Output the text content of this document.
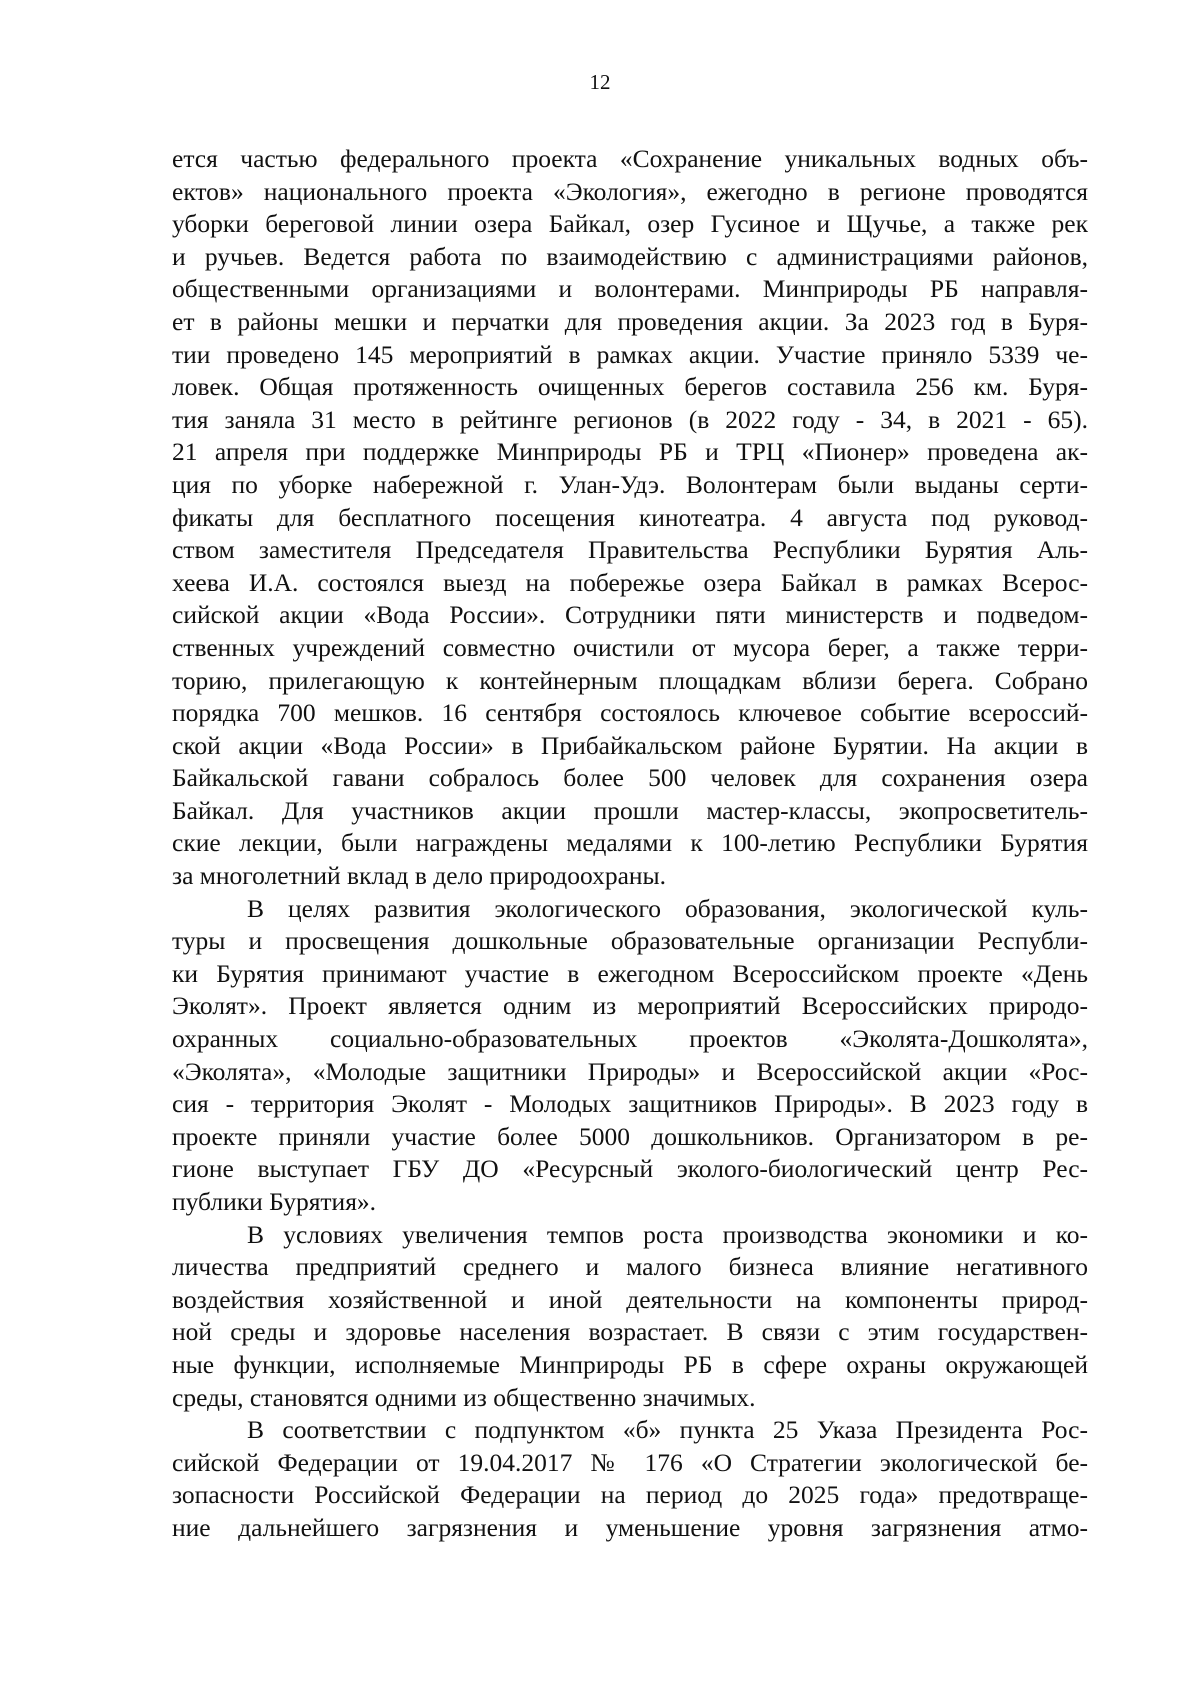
12
ется частью федерального проекта «Сохранение уникальных водных объ-
ектов» национального проекта «Экология», ежегодно в регионе проводятся
уборки береговой линии озера Байкал, озер Гусиное и Щучье, а также рек
и ручьев. Ведется работа по взаимодействию с администрациями районов,
общественными организациями и волонтерами. Минприроды РБ направля-
ет в районы мешки и перчатки для проведения акции. За 2023 год в Буря-
тии проведено 145 мероприятий в рамках акции. Участие приняло 5339 че-
ловек. Общая протяженность очищенных берегов составила 256 км. Буря-
тия заняла 31 место в рейтинге регионов (в 2022 году - 34, в 2021 - 65).
21 апреля при поддержке Минприроды РБ и ТРЦ «Пионер» проведена ак-
ция по уборке набережной г. Улан-Удэ. Волонтерам были выданы серти-
фикаты для бесплатного посещения кинотеатра. 4 августа под руковод-
ством заместителя Председателя Правительства Республики Бурятия Аль-
хеева И.А. состоялся выезд на побережье озера Байкал в рамках Всерос-
сийской акции «Вода России». Сотрудники пяти министерств и подведом-
ственных учреждений совместно очистили от мусора берег, а также терри-
торию, прилегающую к контейнерным площадкам вблизи берега. Собрано
порядка 700 мешков. 16 сентября состоялось ключевое событие всероссий-
ской акции «Вода России» в Прибайкальском районе Бурятии. На акции в
Байкальской гавани собралось более 500 человек для сохранения озера
Байкал. Для участников акции прошли мастер-классы, экопросветитель-
ские лекции, были награждены медалями к 100-летию Республики Бурятия
за многолетний вклад в дело природоохраны.
В целях развития экологического образования, экологической куль-
туры и просвещения дошкольные образовательные организации Республи-
ки Бурятия принимают участие в ежегодном Всероссийском проекте «День
Эколят». Проект является одним из мероприятий Всероссийских природо-
охранных социально-образовательных проектов «Эколята-Дошколята»,
«Эколята», «Молодые защитники Природы» и Всероссийской акции «Рос-
сия - территория Эколят - Молодых защитников Природы». В 2023 году в
проекте приняли участие более 5000 дошкольников. Организатором в ре-
гионе выступает ГБУ ДО «Ресурсный эколого-биологический центр Рес-
публики Бурятия».
В условиях увеличения темпов роста производства экономики и ко-
личества предприятий среднего и малого бизнеса влияние негативного
воздействия хозяйственной и иной деятельности на компоненты природ-
ной среды и здоровье населения возрастает. В связи с этим государствен-
ные функции, исполняемые Минприроды РБ в сфере охраны окружающей
среды, становятся одними из общественно значимых.
В соответствии с подпунктом «б» пункта 25 Указа Президента Рос-
сийской Федерации от 19.04.2017 № 176 «О Стратегии экологической бе-
зопасности Российской Федерации на период до 2025 года» предотвраще-
ние дальнейшего загрязнения и уменьшение уровня загрязнения атмо-
